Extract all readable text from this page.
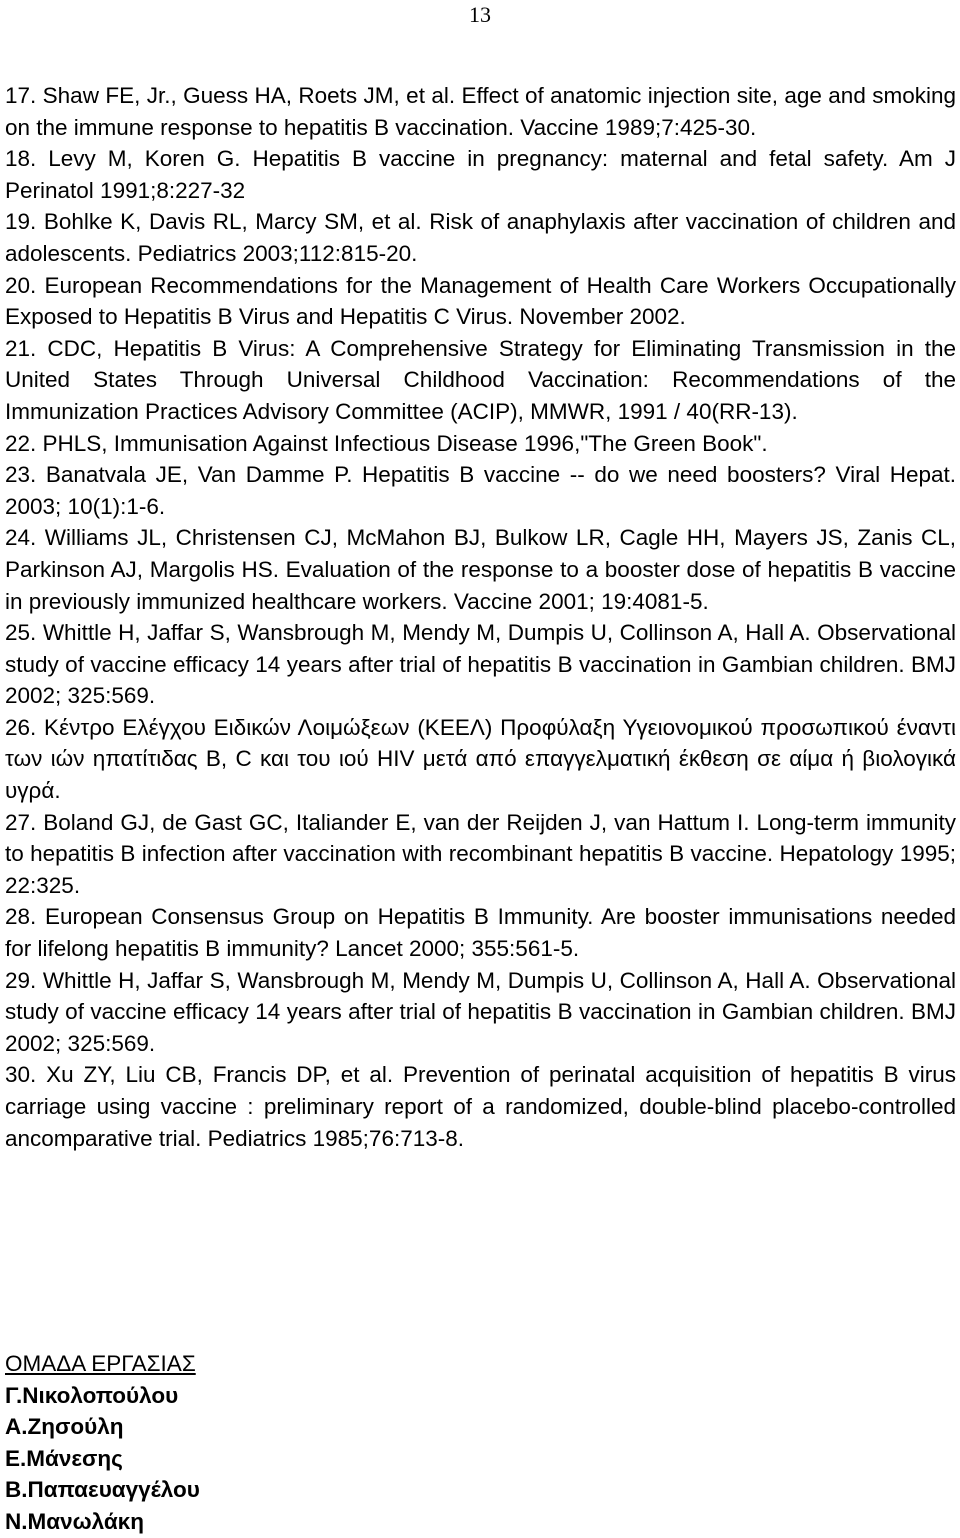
13

17. Shaw FE, Jr., Guess HA, Roets JM, et al. Effect of anatomic injection site, age and smoking on the immune response to hepatitis B vaccination. Vaccine 1989;7:425-30.

18. Levy M, Koren G. Hepatitis B vaccine in pregnancy: maternal and fetal safety. Am J Perinatol 1991;8:227-32

19. Bohlke K, Davis RL, Marcy SM, et al. Risk of anaphylaxis after vaccination of children and adolescents. Pediatrics 2003;112:815-20.

20. European Recommendations for the Management of Health Care Workers Occupationally Exposed to Hepatitis B Virus and Hepatitis C Virus. November 2002.

21. CDC, Hepatitis B Virus: A Comprehensive Strategy for Eliminating Transmission in the United States Through Universal Childhood Vaccination: Recommendations of the Immunization Practices Advisory Committee (ACIP), MMWR, 1991 / 40(RR-13).

22. PHLS, Immunisation Against Infectious Disease 1996,"The Green Book".

23. Banatvala JE, Van Damme P. Hepatitis B vaccine -- do we need boosters? Viral Hepat. 2003; 10(1):1-6.

24. Williams JL, Christensen CJ, McMahon BJ, Bulkow LR, Cagle HH, Mayers JS, Zanis CL, Parkinson AJ, Margolis HS. Evaluation of the response to a booster dose of hepatitis B vaccine in previously immunized healthcare workers. Vaccine 2001; 19:4081-5.

25. Whittle H, Jaffar S, Wansbrough M, Mendy M, Dumpis U, Collinson A, Hall A. Observational study of vaccine efficacy 14 years after trial of hepatitis B vaccination in Gambian children. BMJ 2002; 325:569.

26. Κέντρο Ελέγχου Ειδικών Λοιμώξεων (ΚΕΕΛ) Προφύλαξη Υγειονομικού προσωπικού έναντι των ιών ηπατίτιδας Β, C και του ιού HIV μετά από επαγγελματική έκθεση σε αίμα ή βιολογικά υγρά.

27. Boland GJ, de Gast GC, Italiander E, van der Reijden J, van Hattum I. Long-term immunity to hepatitis B infection after vaccination with recombinant hepatitis B vaccine. Hepatology 1995; 22:325.

28. European Consensus Group on Hepatitis B Immunity. Are booster immunisations needed for lifelong hepatitis B immunity? Lancet 2000; 355:561-5.

29. Whittle H, Jaffar S, Wansbrough M, Mendy M, Dumpis U, Collinson A, Hall A. Observational study of vaccine efficacy 14 years after trial of hepatitis B vaccination in Gambian children. BMJ 2002; 325:569.

30. Xu ZY, Liu CB, Francis DP, et al. Prevention of perinatal acquisition of hepatitis B virus carriage using vaccine : preliminary report of a randomized, double-blind placebo-controlled ancomparative trial. Pediatrics 1985;76:713-8.

ΟΜΑΔΑ ΕΡΓΑΣΙΑΣ
Γ.Νικολοπούλου
Α.Ζησούλη
Ε.Μάνεσης
Β.Παπαευαγγέλου
Ν.Μανωλάκη
